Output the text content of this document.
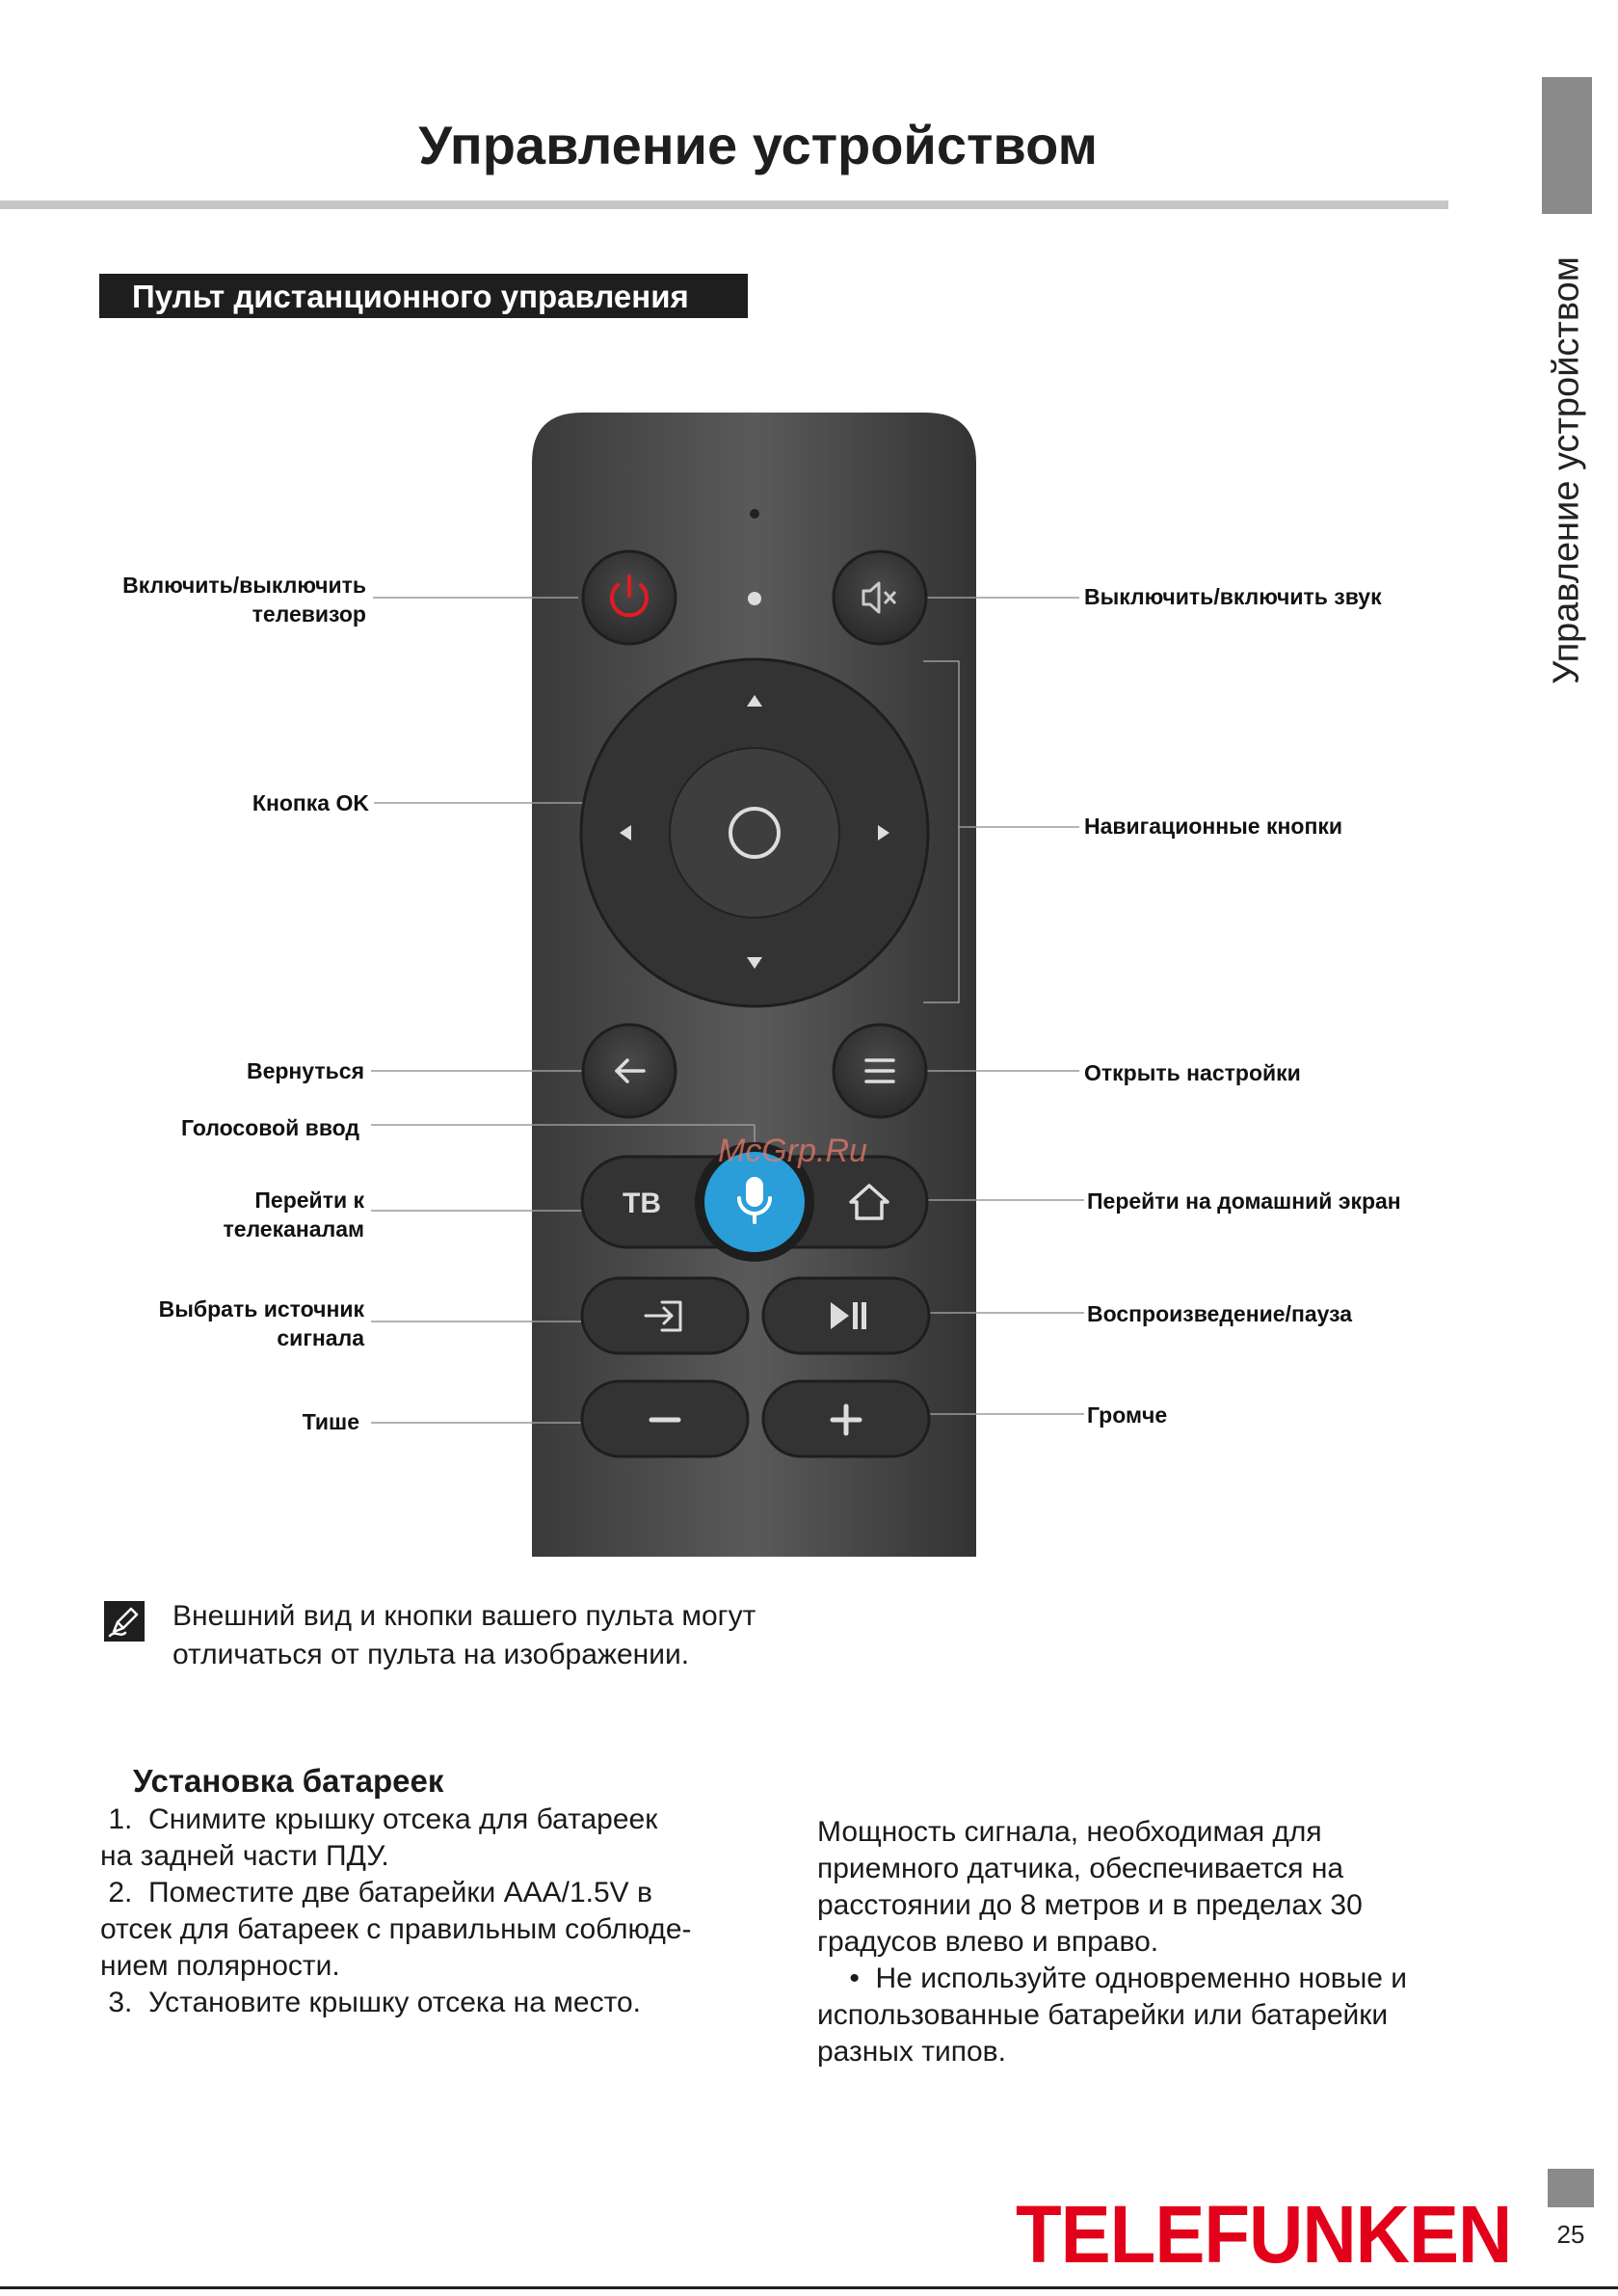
Управление устройством
Управление устройством
Пульт дистанционного управления
ТВ
McGrp.Ru
Включить/выключить
телевизор
Выключить/включить звук
Кнопка OK
Навигационные кнопки
Вернуться	Открыть настройки
Голосовой ввод
Перейти к
телеканалам
Перейти на домашний экран
Выбрать источник
сигнала
Воспроизведение/пауза
Тише	Громче
Внешний вид и кнопки вашего пульта могут
отличаться от пульта на изображении.
Установка батареек

1.  Снимите крышку отсека для батареек

на задней части ПДУ.

2.  Поместите две батарейки AAA/1.5V в

отсек для батареек с правильным соблюде-

нием полярности.

3.  Установите крышку отсека на место.

Мощность сигнала, необходимая для

приемного датчика, обеспечивается на

расстоянии до 8 метров и в пределах 30

градусов влево и вправо.

•  Не используйте одновременно новые и

использованные батарейки или батарейки

разных типов.

TELEFUNKEN	25
